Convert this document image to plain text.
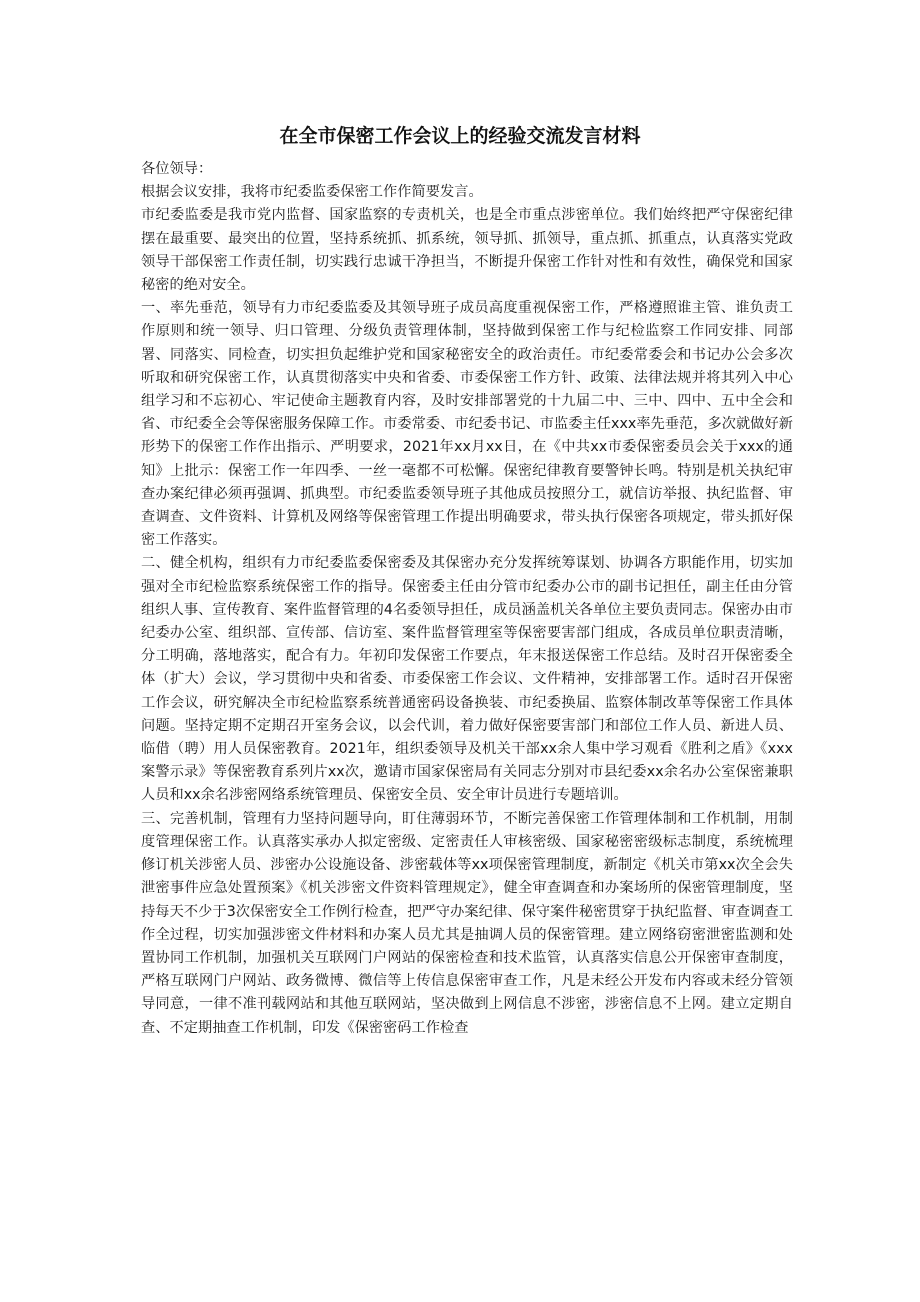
在全市保密工作会议上的经验交流发言材料

各位领导：

根据会议安排，我将市纪委监委保密工作作简要发言。

市纪委监委是我市党内监督、国家监察的专责机关，也是全市重点涉密单位。我们始终把严守保密纪律摆在最重要、最突出的位置，坚持系统抓、抓系统，领导抓、抓领导，重点抓、抓重点，认真落实党政领导干部保密工作责任制，切实践行忠诚干净担当，不断提升保密工作针对性和有效性，确保党和国家秘密的绝对安全。

一、率先垂范，领导有力市纪委监委及其领导班子成员高度重视保密工作，严格遵照谁主管、谁负责工作原则和统一领导、归口管理、分级负责管理体制，坚持做到保密工作与纪检监察工作同安排、同部署、同落实、同检查，切实担负起维护党和国家秘密安全的政治责任。市纪委常委会和书记办公会多次听取和研究保密工作，认真贯彻落实中央和省委、市委保密工作方针、政策、法律法规并将其列入中心组学习和不忘初心、牢记使命主题教育内容，及时安排部署党的十九届二中、三中、四中、五中全会和省、市纪委全会等保密服务保障工作。市委常委、市纪委书记、市监委主任xxx率先垂范，多次就做好新形势下的保密工作作出指示、严明要求，2021年xx月xx日，在《中共xx市委保密委员会关于xxx的通知》上批示：保密工作一年四季、一丝一毫都不可松懈。保密纪律教育要警钟长鸣。特别是机关执纪审查办案纪律必须再强调、抓典型。市纪委监委领导班子其他成员按照分工，就信访举报、执纪监督、审查调查、文件资料、计算机及网络等保密管理工作提出明确要求，带头执行保密各项规定，带头抓好保密工作落实。

二、健全机构，组织有力市纪委监委保密委及其保密办充分发挥统筹谋划、协调各方职能作用，切实加强对全市纪检监察系统保密工作的指导。保密委主任由分管市纪委办公市的副书记担任，副主任由分管组织人事、宣传教育、案件监督管理的4名委领导担任，成员涵盖机关各单位主要负责同志。保密办由市纪委办公室、组织部、宣传部、信访室、案件监督管理室等保密要害部门组成，各成员单位职责清晰，分工明确，落地落实，配合有力。年初印发保密工作要点，年末报送保密工作总结。及时召开保密委全体（扩大）会议，学习贯彻中央和省委、市委保密工作会议、文件精神，安排部署工作。适时召开保密工作会议，研究解决全市纪检监察系统普通密码设备换装、市纪委换届、监察体制改革等保密工作具体问题。坚持定期不定期召开室务会议，以会代训，着力做好保密要害部门和部位工作人员、新进人员、临借（聘）用人员保密教育。2021年，组织委领导及机关干部xx余人集中学习观看《胜利之盾》《xxx案警示录》等保密教育系列片xx次，邀请市国家保密局有关同志分别对市县纪委xx余名办公室保密兼职人员和xx余名涉密网络系统管理员、保密安全员、安全审计员进行专题培训。

三、完善机制，管理有力坚持问题导向，盯住薄弱环节，不断完善保密工作管理体制和工作机制，用制度管理保密工作。认真落实承办人拟定密级、定密责任人审核密级、国家秘密密级标志制度，系统梳理修订机关涉密人员、涉密办公设施设备、涉密载体等xx项保密管理制度，新制定《机关市第xx次全会失泄密事件应急处置预案》《机关涉密文件资料管理规定》，健全审查调查和办案场所的保密管理制度，坚持每天不少于3次保密安全工作例行检查，把严守办案纪律、保守案件秘密贯穿于执纪监督、审查调查工作全过程，切实加强涉密文件材料和办案人员尤其是抽调人员的保密管理。建立网络窃密泄密监测和处置协同工作机制，加强机关互联网门户网站的保密检查和技术监管，认真落实信息公开保密审查制度，严格互联网门户网站、政务微博、微信等上传信息保密审查工作，凡是未经公开发布内容或未经分管领导同意，一律不准刊载网站和其他互联网站，坚决做到上网信息不涉密，涉密信息不上网。建立定期自查、不定期抽查工作机制，印发《保密密码工作检查
